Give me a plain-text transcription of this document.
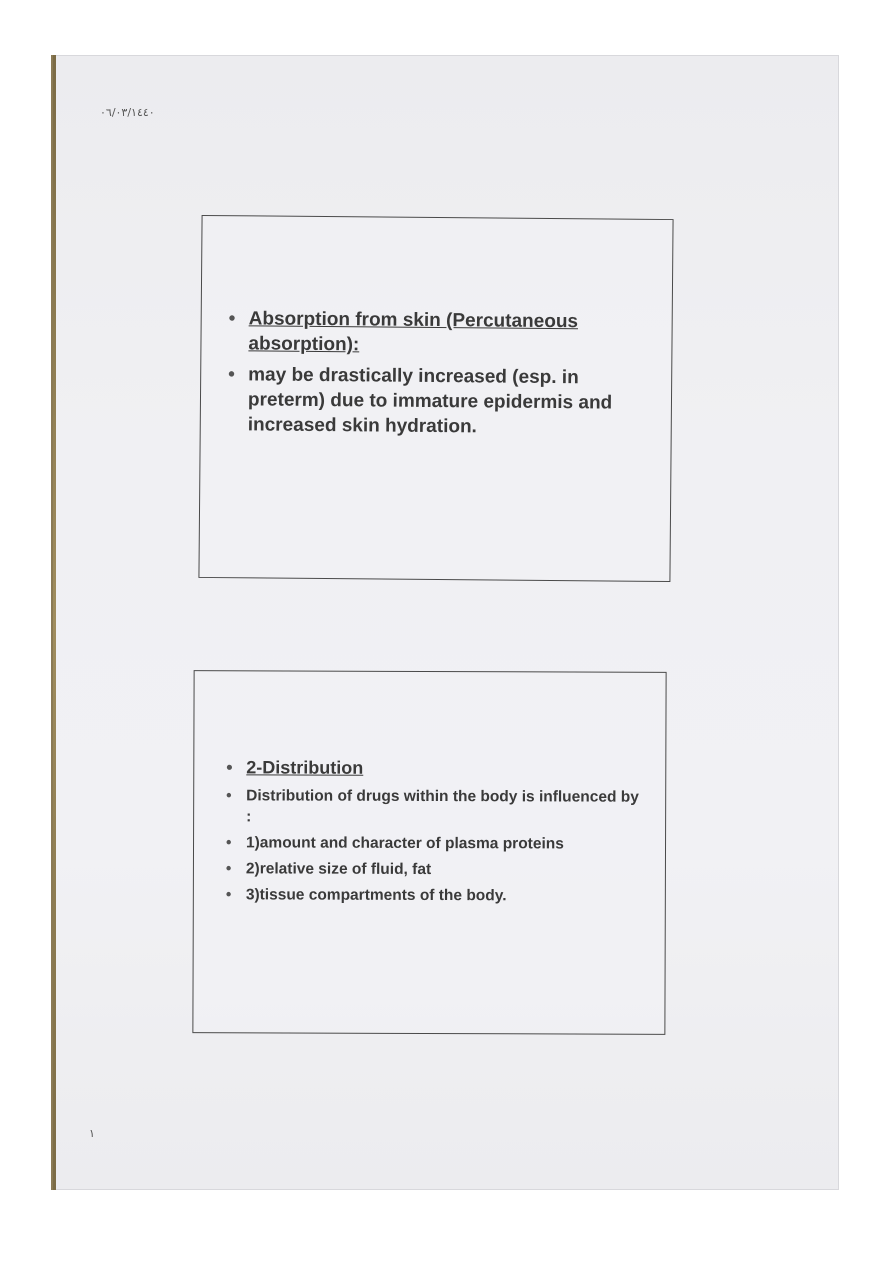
٠٦/٠٣/١٤٤٠
• Absorption from skin (Percutaneous absorption):
• may be drastically increased (esp. in preterm) due to immature epidermis and increased skin hydration.
• 2-Distribution
• Distribution of drugs within the body is influenced by :
• 1)amount and character of plasma proteins
• 2)relative size of fluid, fat
• 3)tissue compartments of the body.
١
